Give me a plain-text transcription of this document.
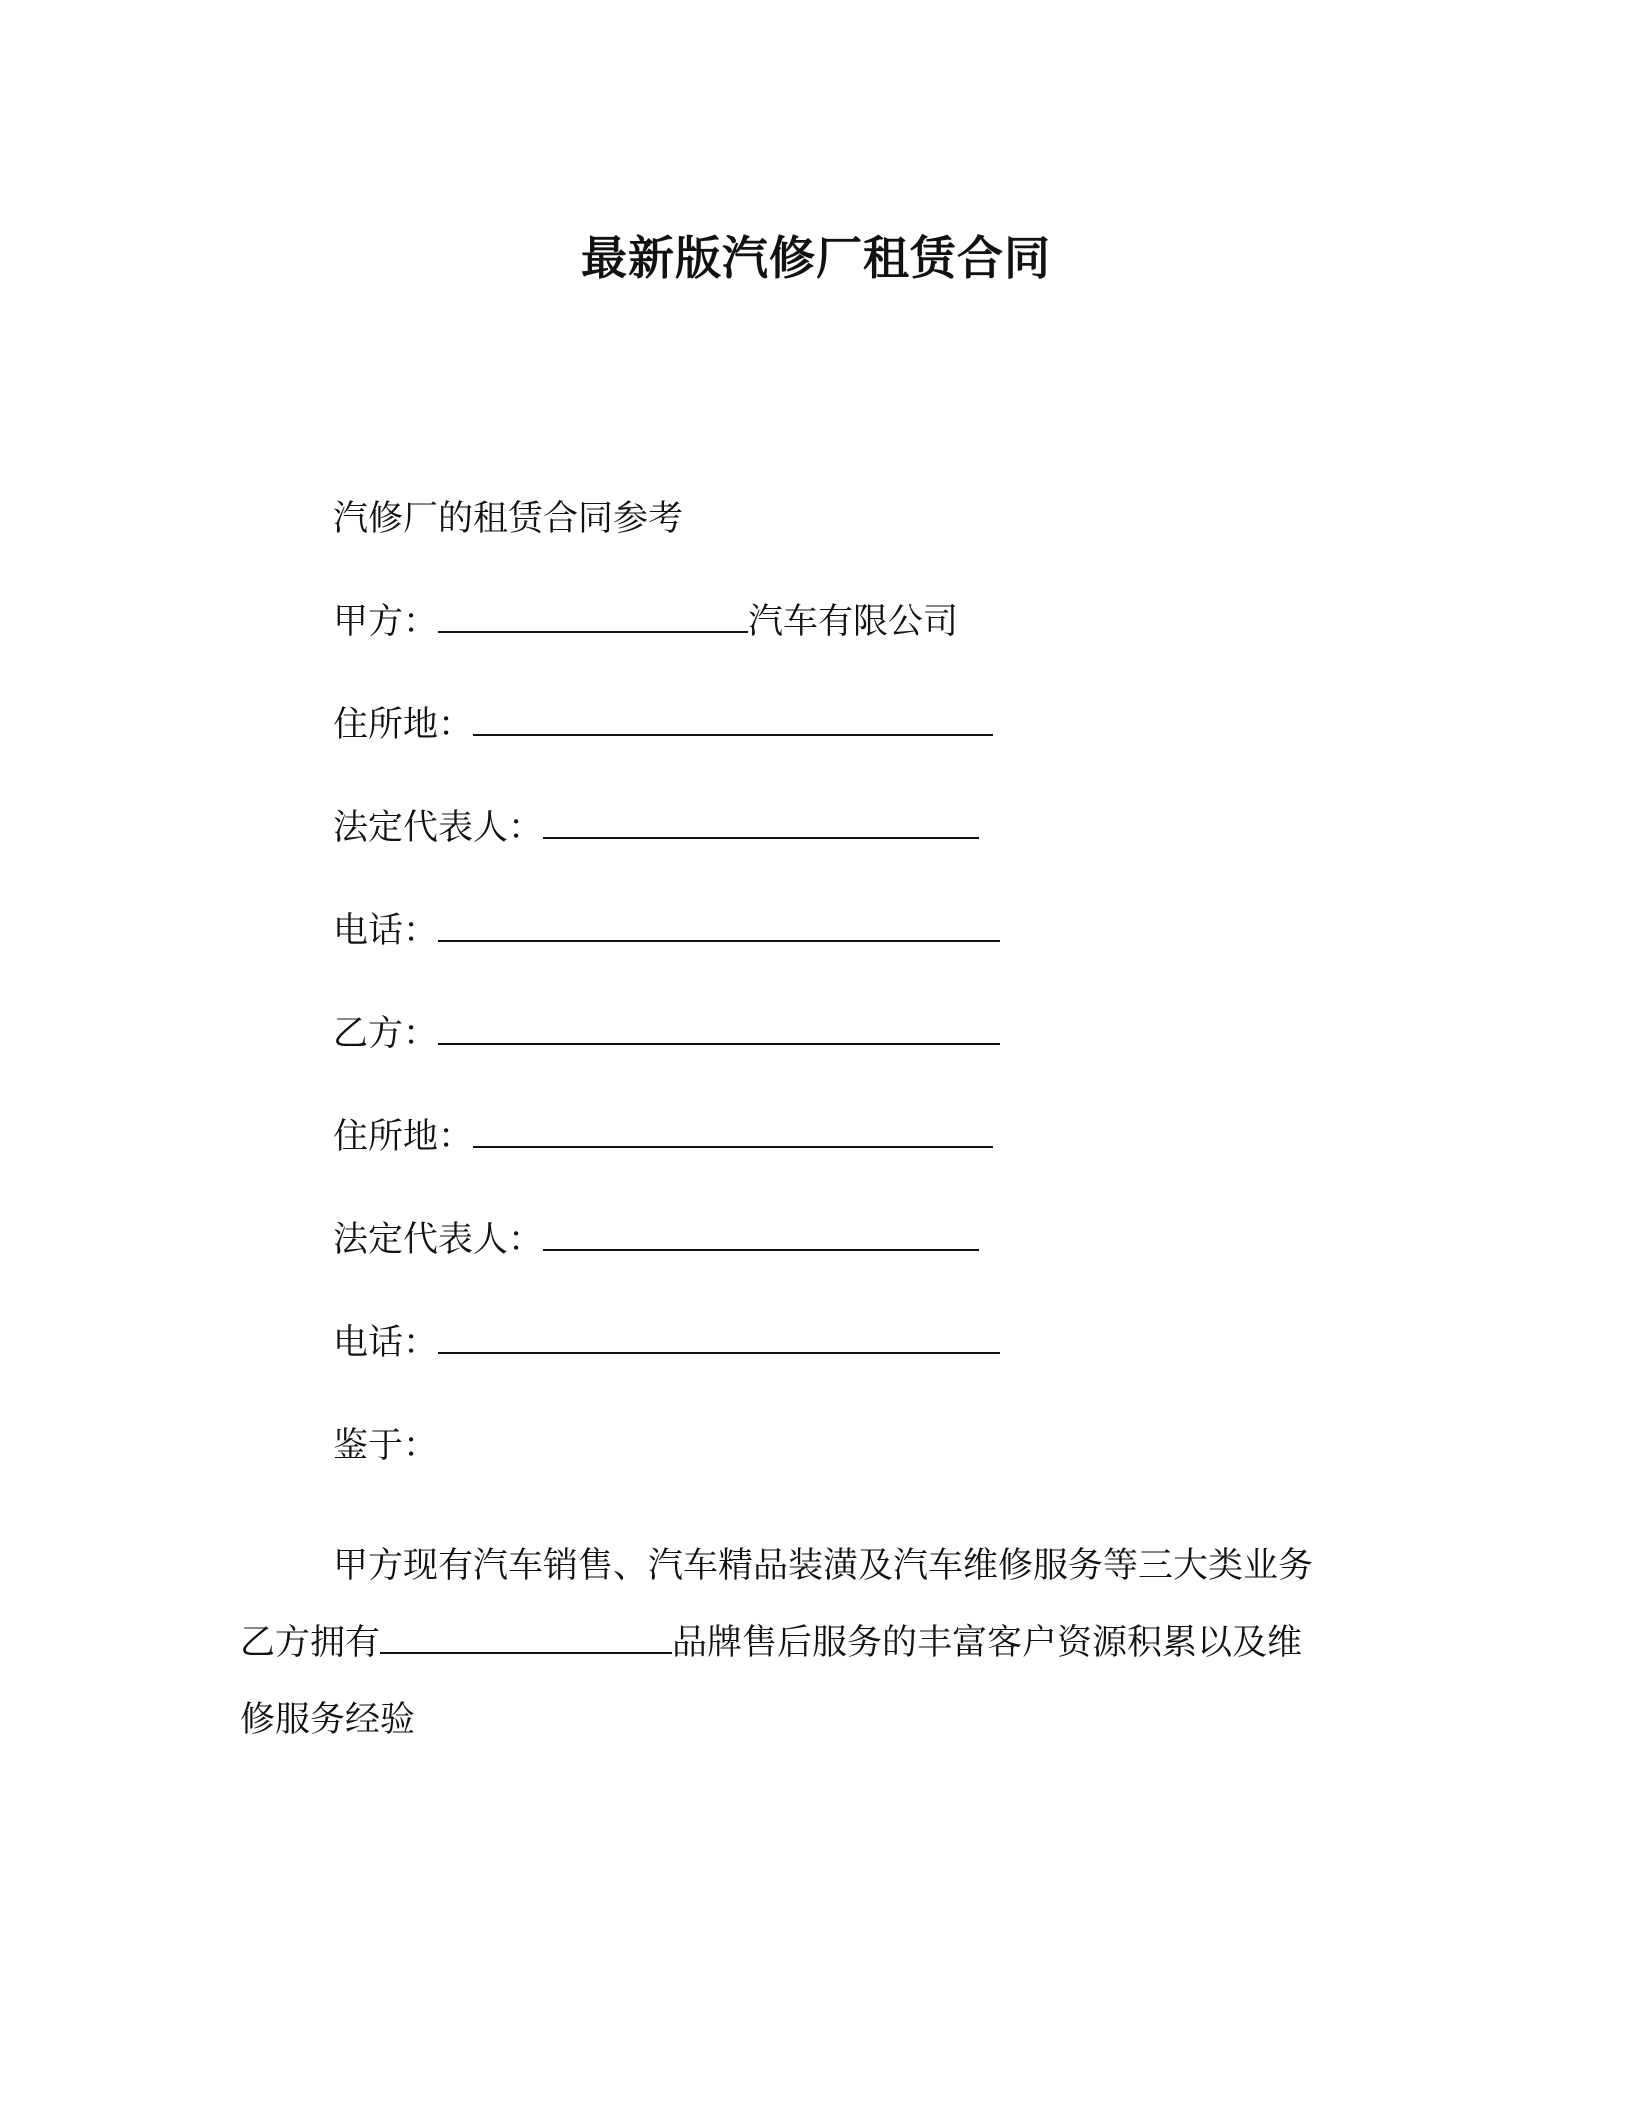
最新版汽修厂租赁合同
汽修厂的租赁合同参考
甲方：	汽车有限公司
住所地：
法定代表人：
电话：
乙方：
住所地：
法定代表人：
电话：
鉴于：
甲方现有汽车销售、汽车精品装潢及汽车维修服务等三大类业务
乙方拥有	品牌售后服务的丰富客户资源积累以及维
修服务经验
